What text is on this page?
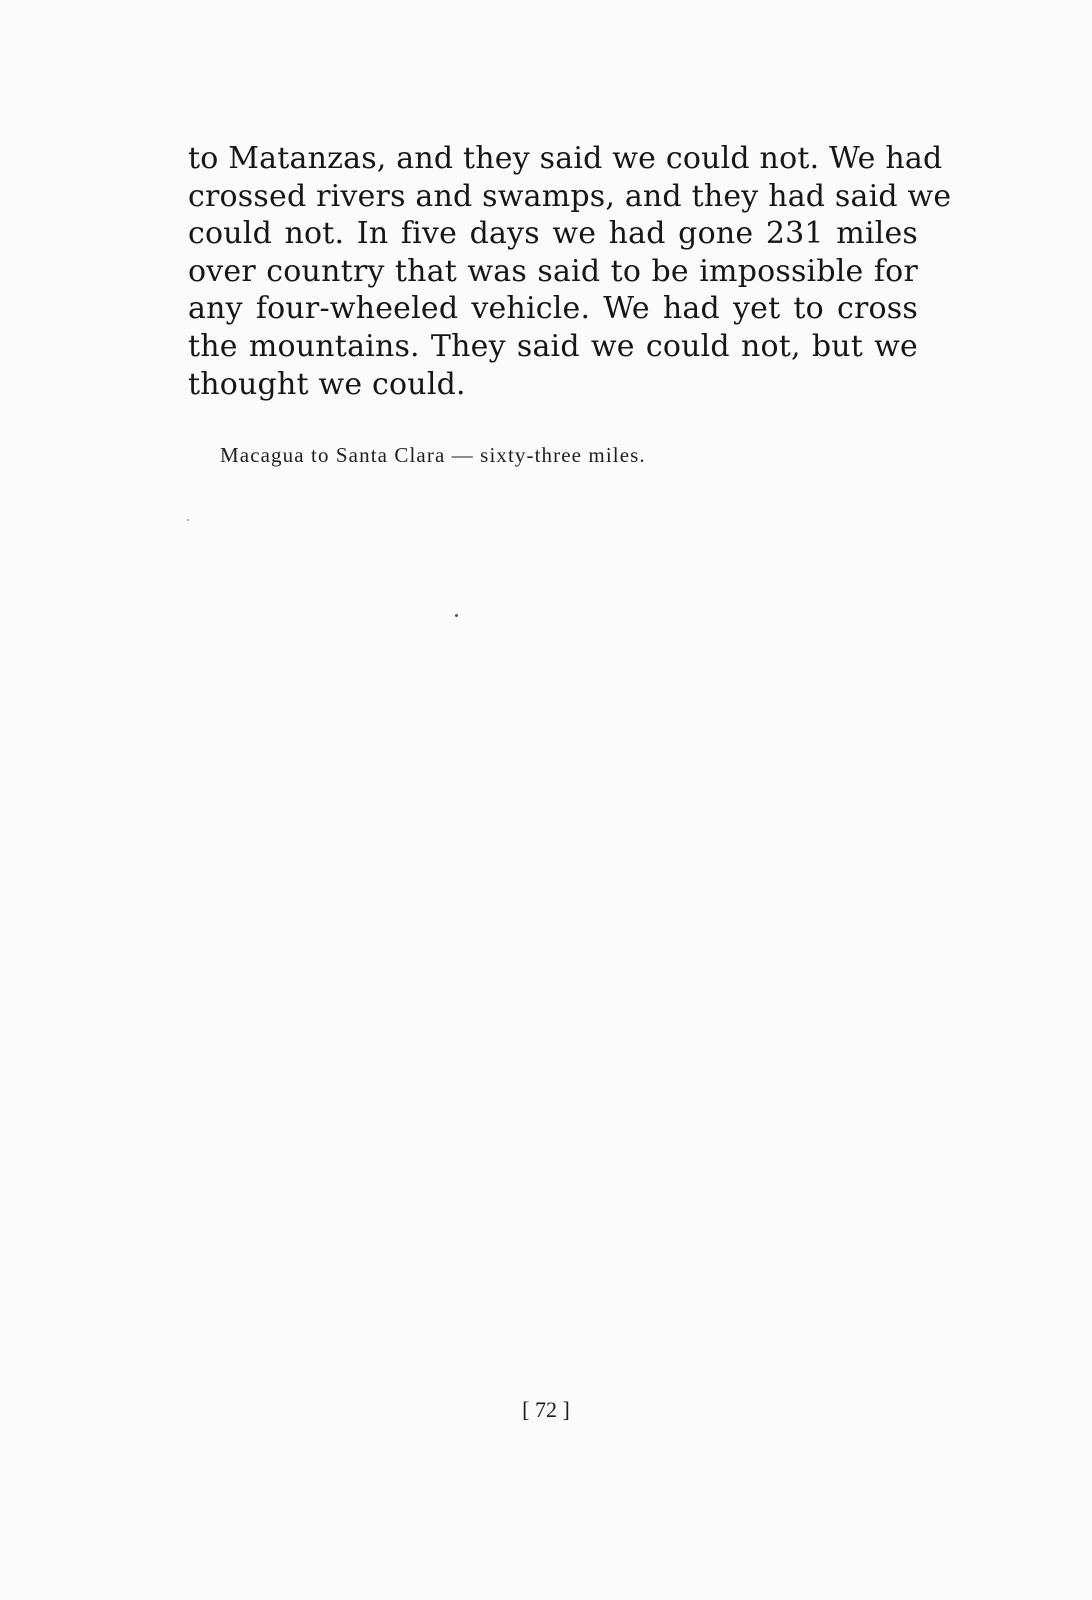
to Matanzas, and they said we could not. We had
crossed rivers and swamps, and they had said we
could not. In five days we had gone 231 miles
over country that was said to be impossible for
any four-wheeled vehicle. We had yet to cross
the mountains. They said we could not, but we
thought we could.
Macagua to Santa Clara — sixty-three miles.
[ 72 ]
